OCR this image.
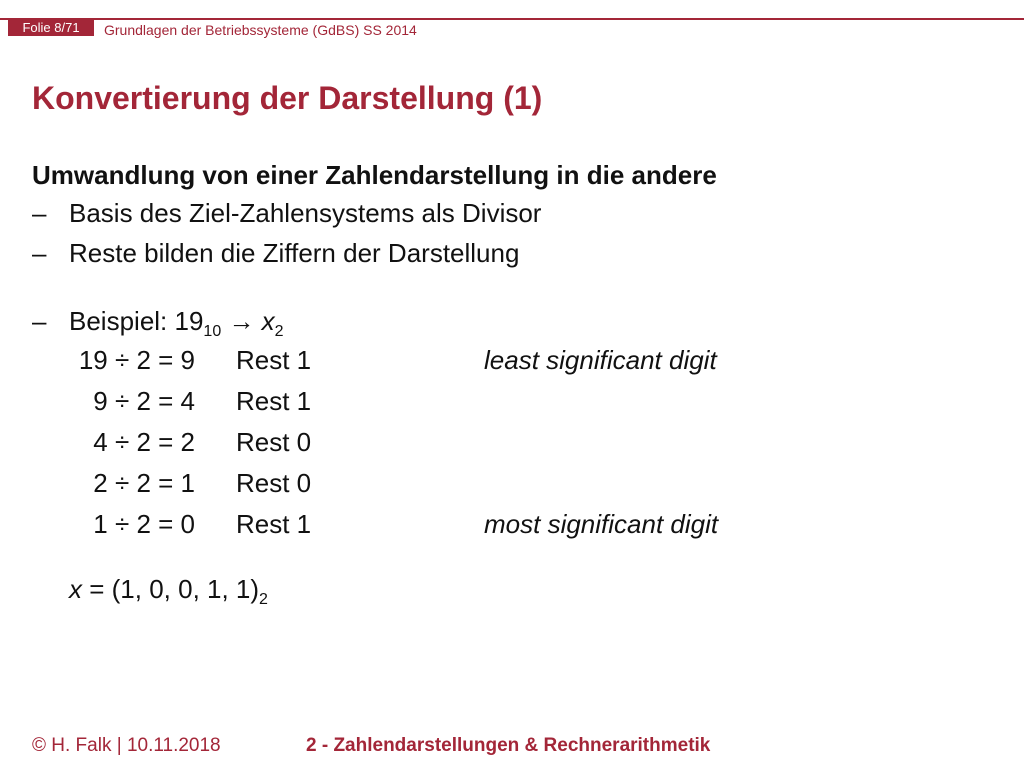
Folie 8/71	Grundlagen der Betriebssysteme (GdBS) SS 2014
Konvertierung der Darstellung (1)
Umwandlung von einer Zahlendarstellung in die andere
– Basis des Ziel-Zahlensystems als Divisor
– Reste bilden die Ziffern der Darstellung
– Beispiel: $19_{10} \to x_2$
19 ÷ 2 = 9 Rest 1	least significant digit
9 ÷ 2 = 4 Rest 1
4 ÷ 2 = 2 Rest 0
2 ÷ 2 = 1 Rest 0
1 ÷ 2 = 0 Rest 1	most significant digit
x = (1, 0, 0, 1, $1)_2$
© H. Falk | 10.11.2018	2 - Zahlendarstellungen & Rechnerarithmetik
